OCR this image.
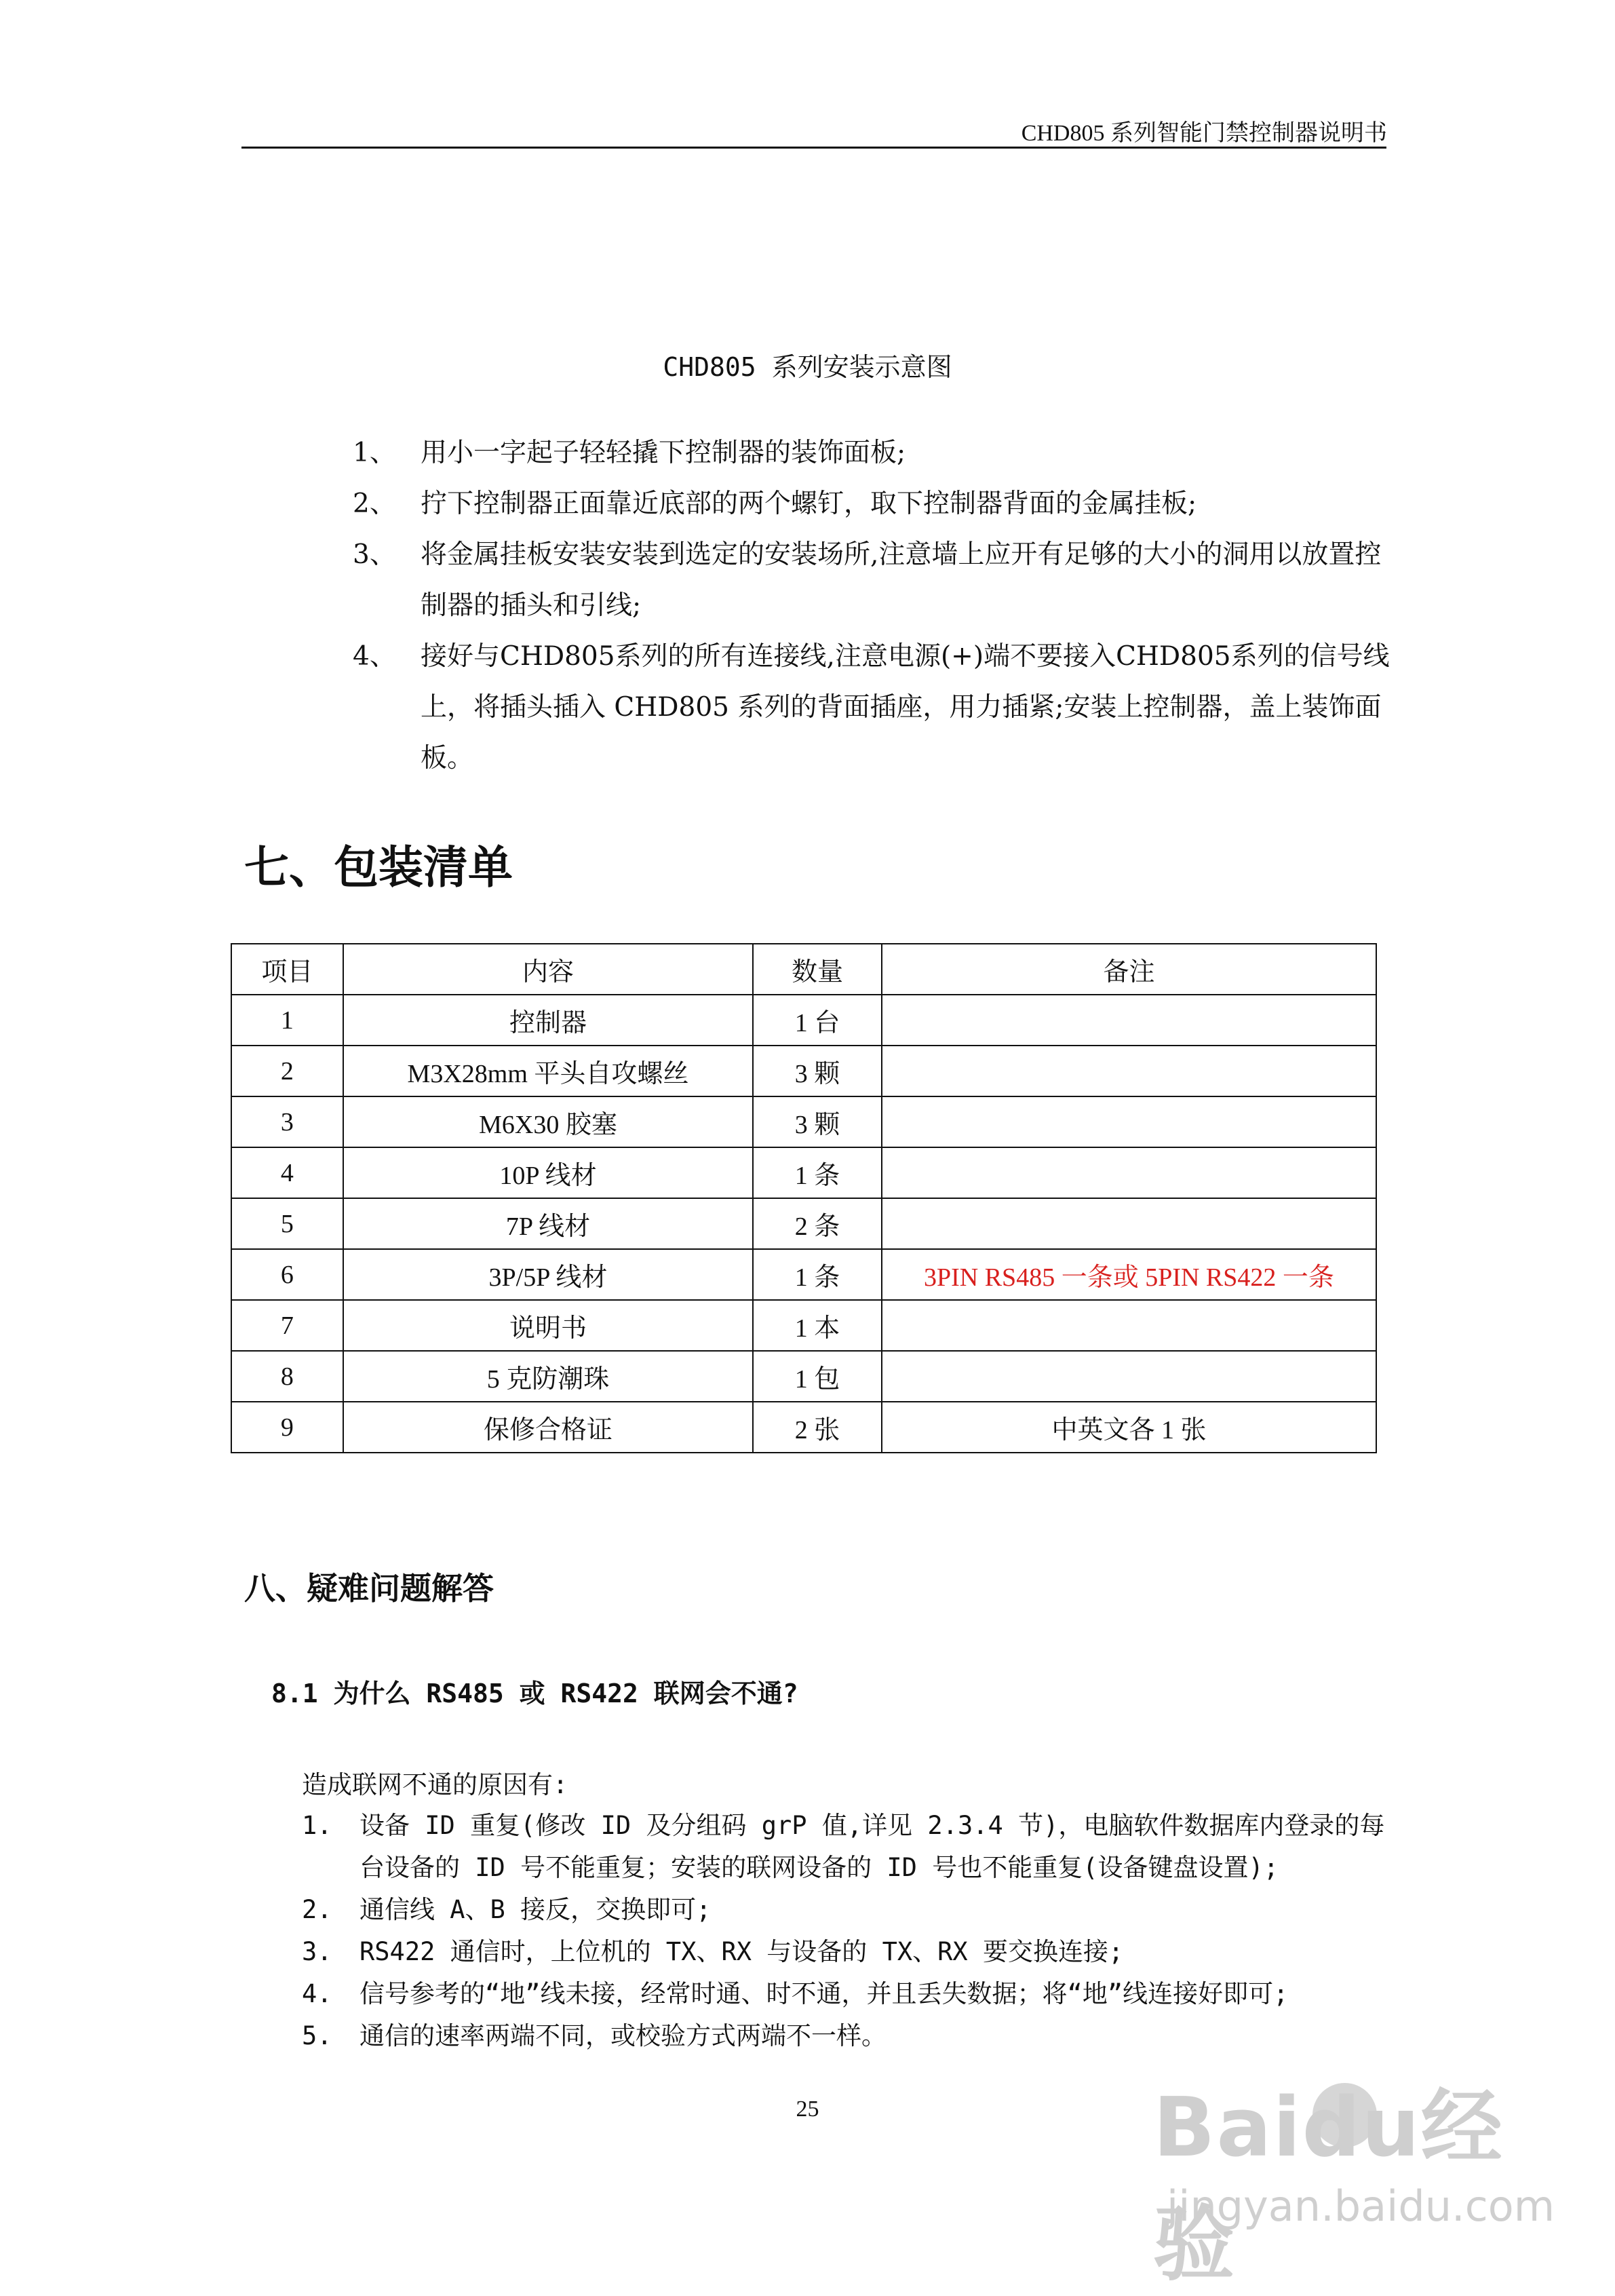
CHD805 系列智能门禁控制器说明书
CHD805 系列安装示意图
1、 用小一字起子轻轻撬下控制器的装饰面板;
2、 拧下控制器正面靠近底部的两个螺钉，取下控制器背面的金属挂板;
3、 将金属挂板安装安装到选定的安装场所,注意墙上应开有足够的大小的洞用以放置控制器的插头和引线;
4、 接好与CHD805系列的所有连接线,注意电源(+)端不要接入CHD805系列的信号线上，将插头插入 CHD805 系列的背面插座，用力插紧;安装上控制器，盖上装饰面板。
七、包装清单
项目	内容	数量	备注
1	控制器	1 台	
2	M3X28mm 平头自攻螺丝	3 颗	
3	M6X30 胶塞	3 颗	
4	10P 线材	1 条	
5	7P 线材	2 条	
6	3P/5P 线材	1 条	3PIN RS485 一条或 5PIN RS422 一条
7	说明书	1 本	
8	5 克防潮珠	1 包	
9	保修合格证	2 张	中英文各 1 张
八、疑难问题解答
8.1 为什么 RS485 或 RS422 联网会不通?
造成联网不通的原因有:
1. 设备 ID 重复(修改 ID 及分组码 grP 值,详见 2.3.4 节)，电脑软件数据库内登录的每台设备的 ID 号不能重复；安装的联网设备的 ID 号也不能重复(设备键盘设置);
2. 通信线 A、B 接反，交换即可;
3. RS422 通信时，上位机的 TX、RX 与设备的 TX、RX 要交换连接;
4. 信号参考的“地”线未接，经常时通、时不通，并且丢失数据；将“地”线连接好即可;
5. 通信的速率两端不同，或校验方式两端不一样。
25	Baidu经验
jingyan.baidu.com
